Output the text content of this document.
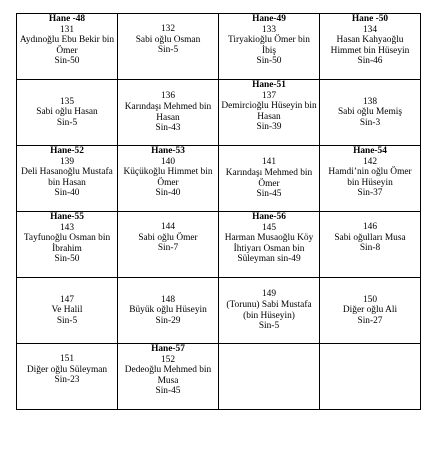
Hane -48
131
Aydınoğlu Ebu Bekir bin Ömer
Sin-50	132
Sabi oğlu Osman
Sin-5	Hane-49
133
Tiryakioğlu Ömer bin İbiş
Sin-50	Hane -50
134
Hasan Kahyaoğlu Himmet bin Hüseyin
Sin-46

135
Sabi oğlu Hasan
Sin-5	136
Karındaşı Mehmed bin Hasan
Sin-43	Hane-51
137
Demircioğlu Hüseyin bin Hasan
Sin-39	138
Sabi oğlu Memiş
Sin-3

Hane-52
139
Deli Hasanoğlu Mustafa bin Hasan
Sin-40	Hane-53
140
Küçükoğlu Himmet bin Ömer
Sin-40	141
Karındaşı Mehmed bin Ömer
Sin-45	Hane-54
142
Hamdi’nin oğlu Ömer bin Hüseyin
Sin-37

Hane-55
143
Tayfunoğlu Osman bin İbrahim
Sin-50	144
Sabi oğlu Ömer
Sin-7	Hane-56
145
Harman Musaoğlu Köy İhtiyarı Osman bin Süleyman sin-49	146
Sabi oğulları Musa
Sin-8

147
Ve Halil
Sin-5	148
Büyük oğlu Hüseyin
Sin-29	149
(Torunu) Sabi Mustafa (bin Hüseyin)
Sin-5	150
Diğer oğlu Ali
Sin-27

151
Diğer oğlu Süleyman
Sin-23	Hane-57
152
Dedeoğlu Mehmed bin Musa
Sin-45		
